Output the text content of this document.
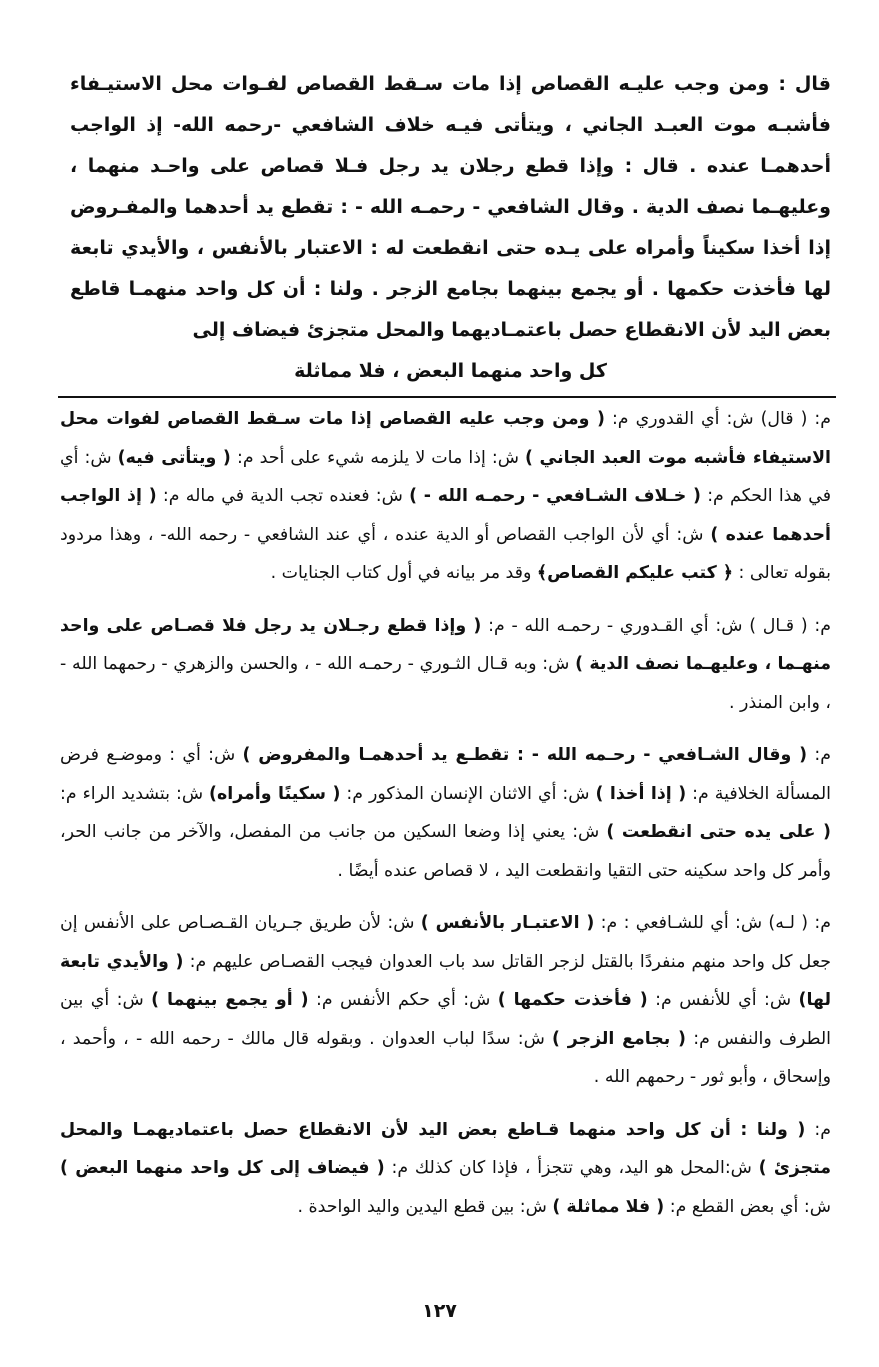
قال : ومن وجب عليـه القصاص إذا مات سـقط القصاص لفـوات محل الاستيـفاء فأشبـه موت العبـد الجاني ، ويتأتى فيـه خلاف الشافعي -رحمه الله- إذ الواجب أحدهمـا عنده . قال : وإذا قطع رجلان يد رجل فـلا قصاص على واحـد منهما ، وعليهـما نصف الدية . وقال الشافعي - رحمـه الله - : تقطع يد أحدهما والمفـروض إذا أخذا سكيناً وأمراه على يـده حتى انقطعت له : الاعتبار بالأنفس ، والأيدي تابعة لها فأخذت حكمها . أو يجمع بينهما بجامع الزجر . ولنا : أن كل واحد منهمـا قاطع بعض اليد لأن الانقطاع حصل باعتمـاديهما والمحل متجزئ فيضاف إلى
كل واحد منهما البعض ، فلا مماثلة

م: ( قال) ش: أي القدوري م: ( ومن وجب عليه القصاص إذا مات سـقط القصاص لفوات محل الاستيفاء فأشبه موت العبد الجاني ) ش: إذا مات لا يلزمه شيء على أحد م: ( ويتأتى فيه) ش: أي في هذا الحكم م: ( خـلاف الشـافعي - رحمـه الله - ) ش: فعنده تجب الدية في ماله م: ( إذ الواجب أحدهما عنده ) ش: أي لأن الواجب القصاص أو الدية عنده ، أي عند الشافعي - رحمه الله- ، وهذا مردود بقوله تعالى : ﴿ كتب عليكم القصاص﴾ وقد مر بيانه في أول كتاب الجنايات .

م: ( قـال ) ش: أي القـدوري - رحمـه الله - م: ( وإذا قطع رجـلان يد رجل فلا قصـاص على واحد منهـما ، وعليهـما نصف الدية ) ش: وبه قـال الثـوري - رحمـه الله - ، والحسن والزهري - رحمهما الله - ، وابن المنذر .

م: ( وقال الشـافعي - رحـمه الله - : تقطـع يد أحدهمـا والمفروض ) ش: أي : وموضـع فرض المسألة الخلافية م: ( إذا أخذا ) ش: أي الاثنان الإنسان المذكور م: ( سكينًا وأمراه) ش: بتشديد الراء م: ( على يده حتى انقطعت ) ش: يعني إذا وضعا السكين من جانب من المفصل، والآخر من جانب الحر، وأمر كل واحد سكينه حتى التقيا وانقطعت اليد ، لا قصاص عنده أيضًا .

م: ( لـه) ش: أي للشـافعي : م: ( الاعتبـار بالأنفس ) ش: لأن طريق جـريان القـصـاص على الأنفس إن جعل كل واحد منهم منفردًا بالقتل لزجر القاتل سد باب العدوان فيجب القصـاص عليهم م: ( والأيدي تابعة لها) ش: أي للأنفس م: ( فأخذت حكمها ) ش: أي حكم الأنفس م: ( أو يجمع بينهما ) ش: أي بين الطرف والنفس م: ( بجامع الزجر ) ش: سدًا لباب العدوان . وبقوله قال مالك - رحمه الله - ، وأحمد ، وإسحاق ، وأبو ثور - رحمهم الله .

م: ( ولنا : أن كل واحد منهما قـاطع بعض اليد لأن الانقطاع حصل باعتماديهمـا والمحل متجزئ ) ش:المحل هو اليد، وهي تتجزأ ، فإذا كان كذلك م: ( فيضاف إلى كل واحد منهما البعض ) ش: أي بعض القطع م: ( فلا مماثلة ) ش: بين قطع اليدين واليد الواحدة .

١٢٧
